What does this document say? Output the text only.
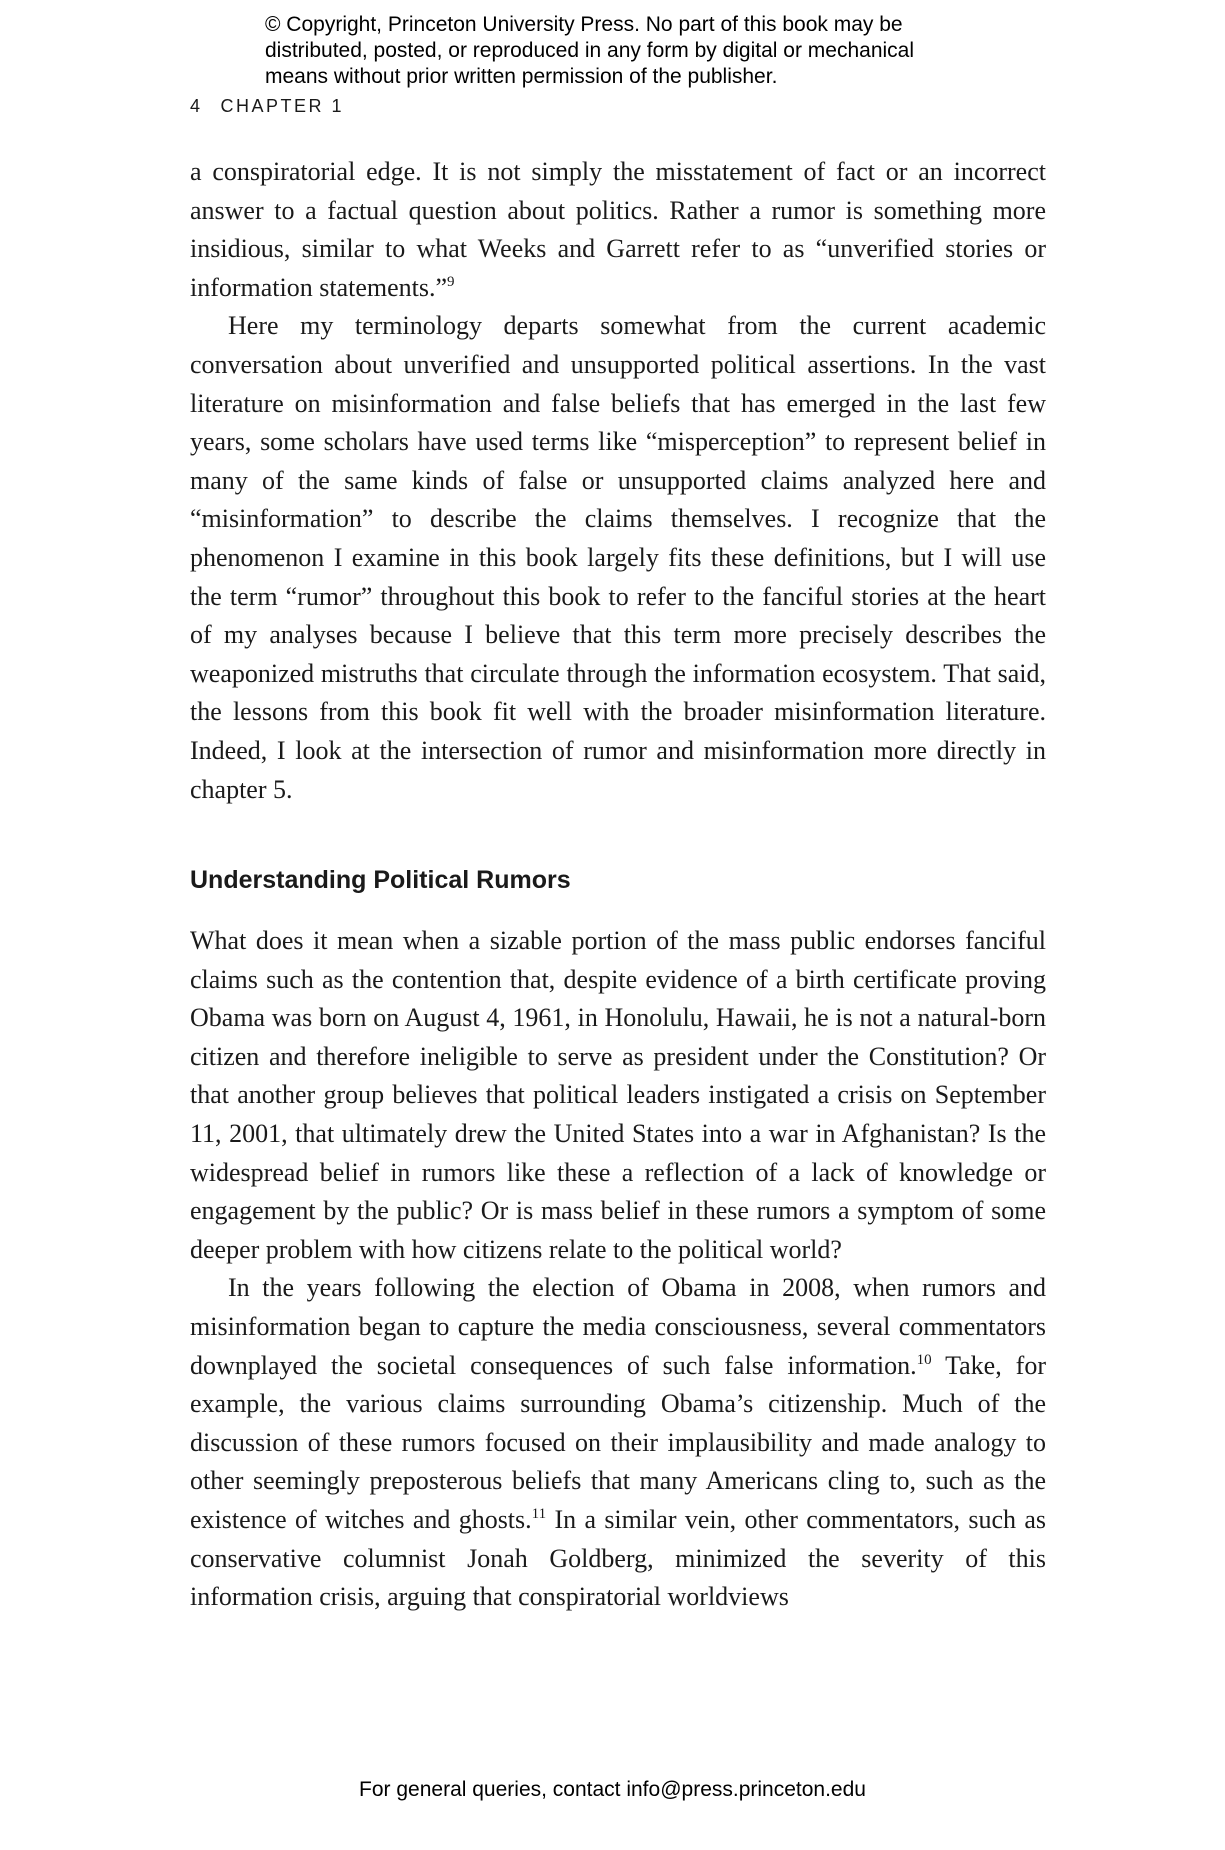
© Copyright, Princeton University Press. No part of this book may be
distributed, posted, or reproduced in any form by digital or mechanical
means without prior written permission of the publisher.

4 CHAPTER 1

a conspiratorial edge. It is not simply the misstatement of fact or an incorrect answer to a factual question about politics. Rather a rumor is something more insidious, similar to what Weeks and Garrett refer to as “unverified stories or information statements.”$^9$

Here my terminology departs somewhat from the current academic conversation about unverified and unsupported political assertions. In the vast literature on misinformation and false beliefs that has emerged in the last few years, some scholars have used terms like “misperception” to represent belief in many of the same kinds of false or unsupported claims analyzed here and “misinformation” to describe the claims themselves. I recognize that the phenomenon I examine in this book largely fits these definitions, but I will use the term “rumor” throughout this book to refer to the fanciful stories at the heart of my analyses because I believe that this term more precisely describes the weaponized mistruths that circulate through the information ecosystem. That said, the lessons from this book fit well with the broader misinformation literature. Indeed, I look at the intersection of rumor and misinformation more directly in chapter 5.

Understanding Political Rumors

What does it mean when a sizable portion of the mass public endorses fanciful claims such as the contention that, despite evidence of a birth certificate proving Obama was born on August 4, 1961, in Honolulu, Hawaii, he is not a natural-born citizen and therefore ineligible to serve as president under the Constitution? Or that another group believes that political leaders instigated a crisis on September 11, 2001, that ultimately drew the United States into a war in Afghanistan? Is the widespread belief in rumors like these a reflection of a lack of knowledge or engagement by the public? Or is mass belief in these rumors a symptom of some deeper problem with how citizens relate to the political world?

In the years following the election of Obama in 2008, when rumors and misinformation began to capture the media consciousness, several commentators downplayed the societal consequences of such false information.$^{10}$ Take, for example, the various claims surrounding Obama’s citizenship. Much of the discussion of these rumors focused on their implausibility and made analogy to other seemingly preposterous beliefs that many Americans cling to, such as the existence of witches and ghosts.$^{11}$ In a similar vein, other commentators, such as conservative columnist Jonah Goldberg, minimized the severity of this information crisis, arguing that conspiratorial worldviews

For general queries, contact info@press.princeton.edu
